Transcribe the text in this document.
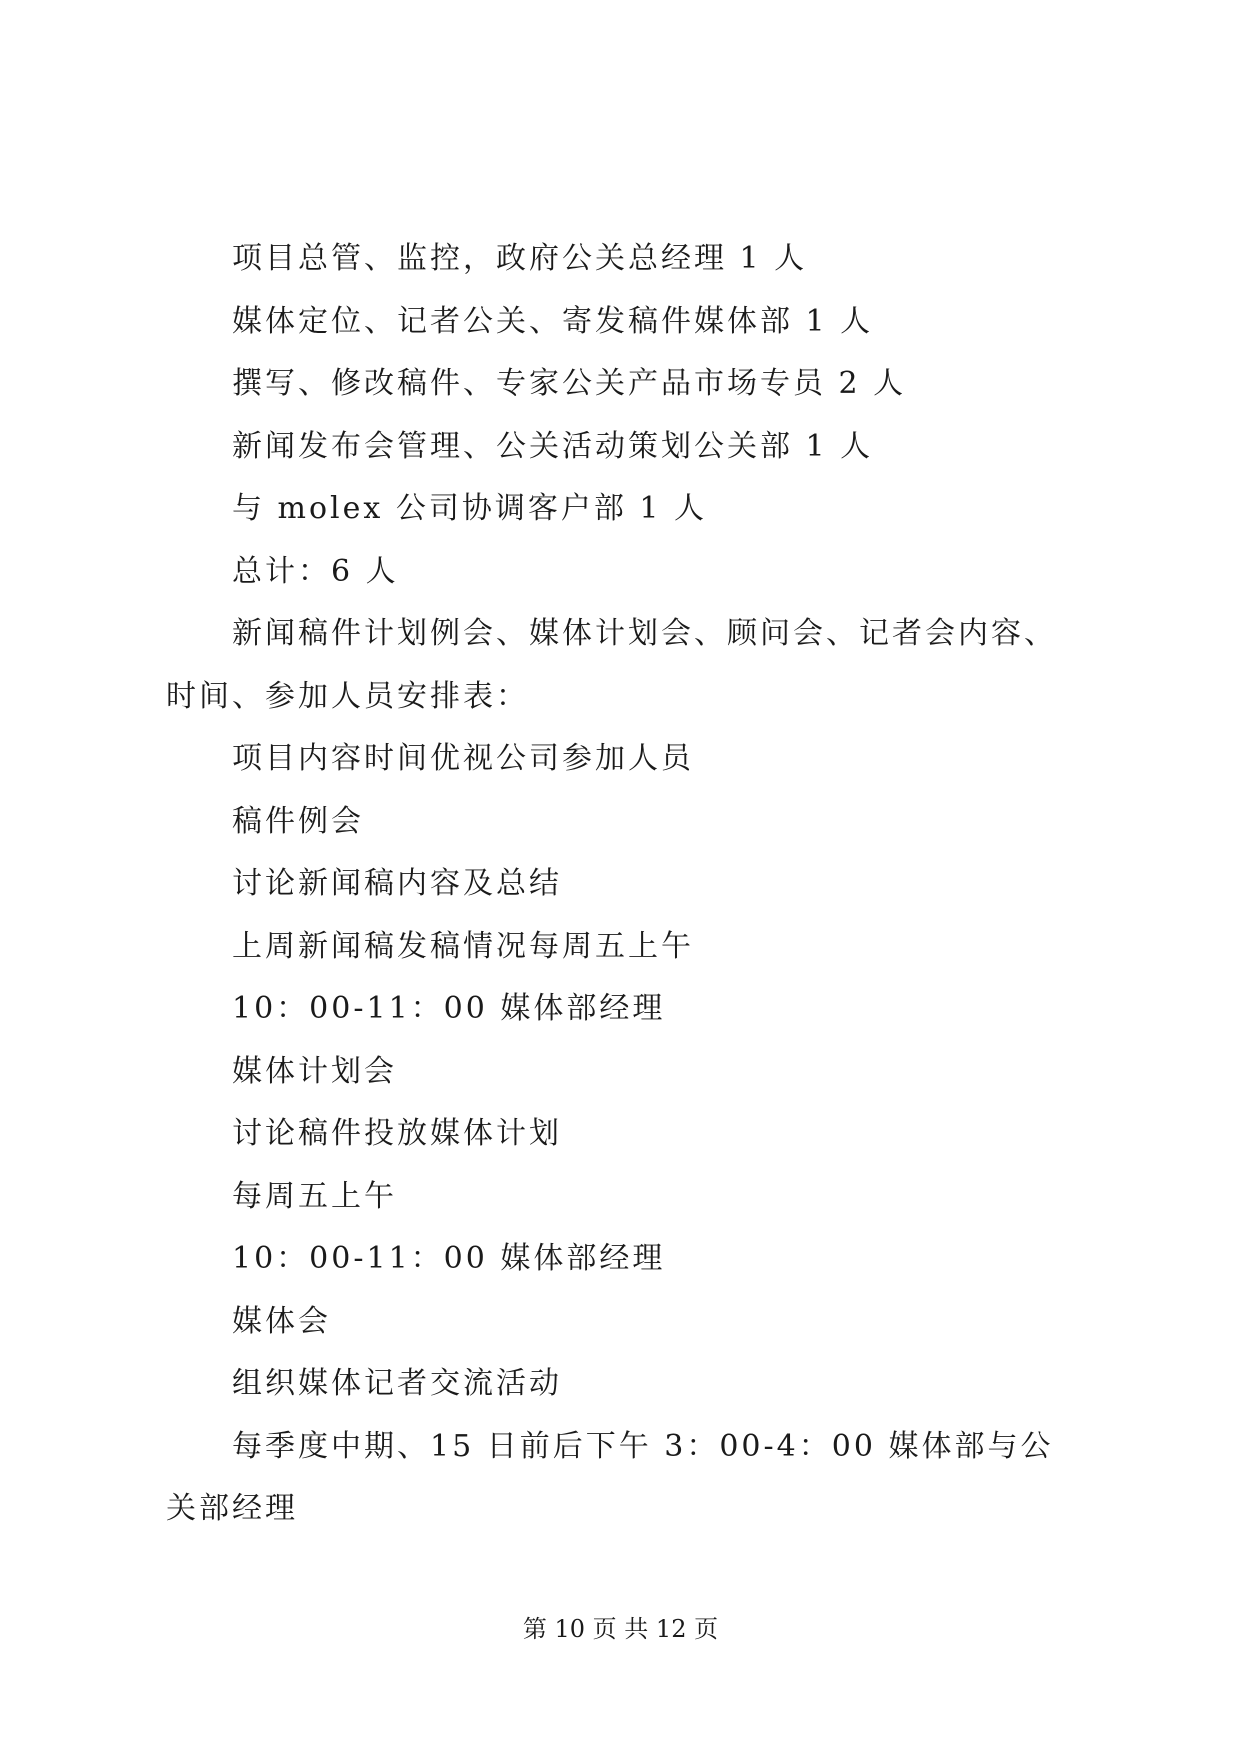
项目总管、监控，政府公关总经理 1 人

媒体定位、记者公关、寄发稿件媒体部 1 人

撰写、修改稿件、专家公关产品市场专员 2 人

新闻发布会管理、公关活动策划公关部 1 人

与 molex 公司协调客户部 1 人

总计：6 人

新闻稿件计划例会、媒体计划会、顾问会、记者会内容、时间、参加人员安排表：

项目内容时间优视公司参加人员

稿件例会

讨论新闻稿内容及总结

上周新闻稿发稿情况每周五上午

10：00-11：00 媒体部经理

媒体计划会

讨论稿件投放媒体计划

每周五上午

10：00-11：00 媒体部经理

媒体会

组织媒体记者交流活动

每季度中期、15 日前后下午 3：00-4：00 媒体部与公关部经理

第 10 页 共 12 页
